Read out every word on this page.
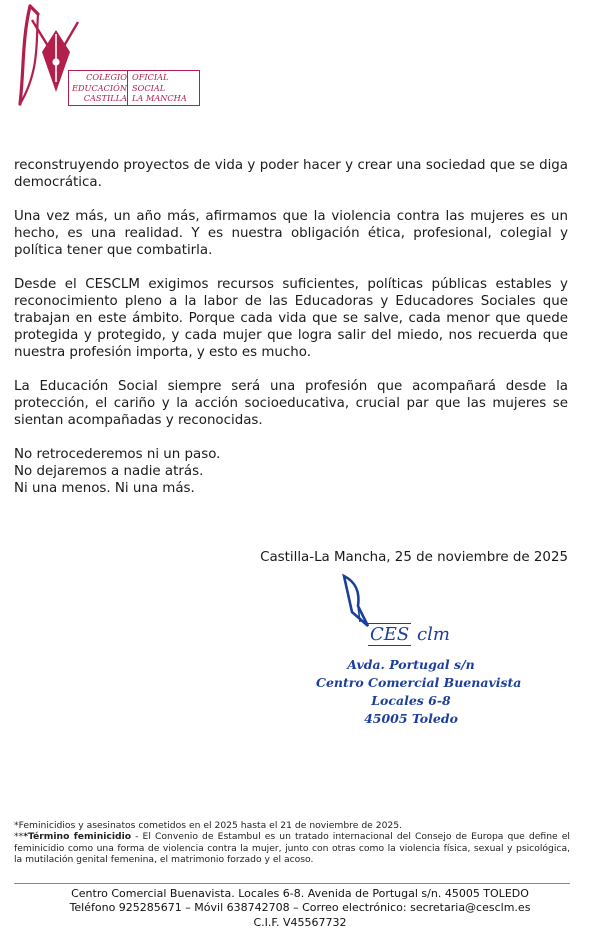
COLEGIO
EDUCACIÓN
CASTILLA
OFICIAL
SOCIAL
LA MANCHA

reconstruyendo proyectos de vida y poder hacer y crear una sociedad que se diga democrática.

Una vez más, un año más, afirmamos que la violencia contra las mujeres es un hecho, es una realidad. Y es nuestra obligación ética, profesional, colegial y política tener que combatirla.

Desde el CESCLM exigimos recursos suficientes, políticas públicas estables y reconocimiento pleno a la labor de las Educadoras y Educadores Sociales que trabajan en este ámbito. Porque cada vida que se salve, cada menor que quede protegida y protegido, y cada mujer que logra salir del miedo, nos recuerda que nuestra profesión importa, y esto es mucho.

La Educación Social siempre será una profesión que acompañará desde la protección, el cariño y la acción socioeducativa, crucial par que las mujeres se sientan acompañadas y reconocidas.

No retrocederemos ni un paso.
No dejaremos a nadie atrás.
Ni una menos. Ni una más.
Castilla-La Mancha, 25 de noviembre de 2025
CES clm
Avda. Portugal s/n
Centro Comercial Buenavista
Locales 6-8
45005 Toledo

*Feminicidios y asesinatos cometidos en el 2025 hasta el 21 de noviembre de 2025.

***Término feminicidio - El Convenio de Estambul es un tratado internacional del Consejo de Europa que define el feminicidio como una forma de violencia contra la mujer, junto con otras como la violencia física, sexual y psicológica, la mutilación genital femenina, el matrimonio forzado y el acoso.

Centro Comercial Buenavista. Locales 6-8. Avenida de Portugal s/n. 45005 TOLEDO
Teléfono 925285671 – Móvil 638742708 – Correo electrónico: secretaria@cesclm.es
C.I.F. V45567732
